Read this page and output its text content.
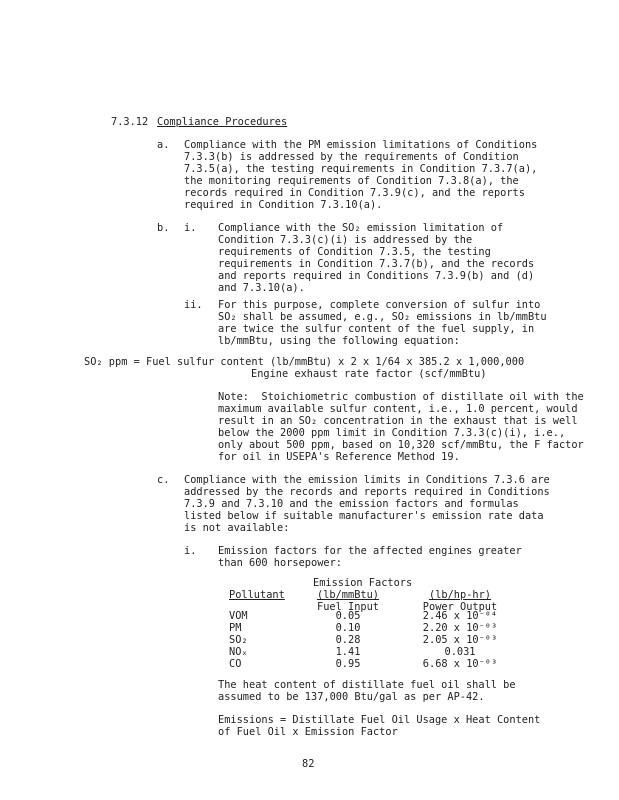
7.3.12 Compliance Procedures
a. Compliance with the PM emission limitations of Conditions
7.3.3(b) is addressed by the requirements of Condition
7.3.5(a), the testing requirements in Condition 7.3.7(a),
the monitoring requirements of Condition 7.3.8(a), the
records required in Condition 7.3.9(c), and the reports
required in Condition 7.3.10(a).
b. i. Compliance with the SO₂ emission limitation of
Condition 7.3.3(c)(i) is addressed by the
requirements of Condition 7.3.5, the testing
requirements in Condition 7.3.7(b), and the records
and reports required in Conditions 7.3.9(b) and (d)
and 7.3.10(a).
ii. For this purpose, complete conversion of sulfur into
SO₂ shall be assumed, e.g., SO₂ emissions in lb/mmBtu
are twice the sulfur content of the fuel supply, in
lb/mmBtu, using the following equation:
SO₂ ppm = Fuel sulfur content (lb/mmBtu) x 2 x 1/64 x 385.2 x 1,000,000
Engine exhaust rate factor (scf/mmBtu)
Note:  Stoichiometric combustion of distillate oil with the
maximum available sulfur content, i.e., 1.0 percent, would
result in an SO₂ concentration in the exhaust that is well
below the 2000 ppm limit in Condition 7.3.3(c)(i), i.e.,
only about 500 ppm, based on 10,320 scf/mmBtu, the F factor
for oil in USEPA's Reference Method 19.
c. Compliance with the emission limits in Conditions 7.3.6 are
addressed by the records and reports required in Conditions
7.3.9 and 7.3.10 and the emission factors and formulas
listed below if suitable manufacturer's emission rate data
is not available:
i. Emission factors for the affected engines greater
than 600 horsepower:
Emission Factors
Pollutant	(lb/mmBtu)	(lb/hp-hr)
Fuel Input	Power Output
VOM	0.05	2.46 x 10⁻⁰⁴
PM	0.10	2.20 x 10⁻⁰³
SO₂	0.28	2.05 x 10⁻⁰³
NOₓ	1.41	0.031
CO	0.95	6.68 x 10⁻⁰³
The heat content of distillate fuel oil shall be
assumed to be 137,000 Btu/gal as per AP-42.
Emissions = Distillate Fuel Oil Usage x Heat Content
of Fuel Oil x Emission Factor
82
